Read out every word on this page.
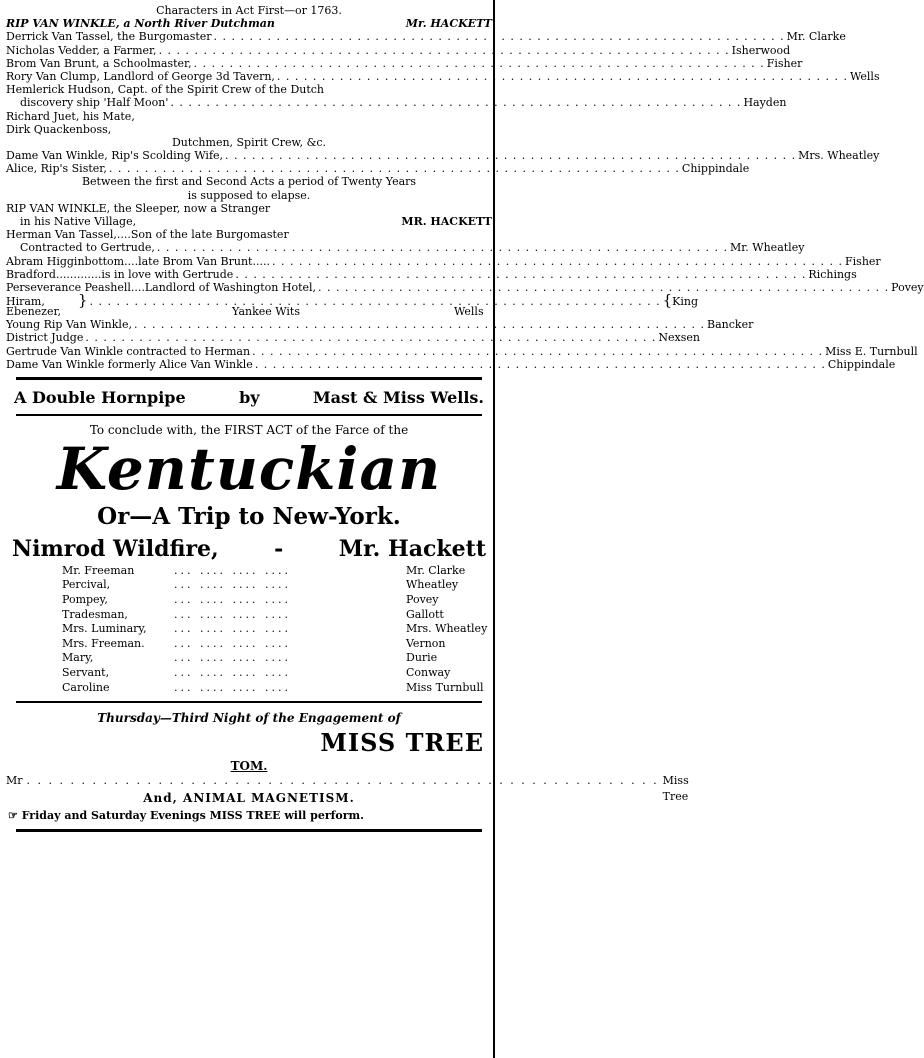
Characters in Act First—or 1763.
RIP VAN WINKLE, a North River Dutchman	Mr. HACKETT
Derrick Van Tassel, the Burgomaster . . . . . . . . . . . . . . . . . . . . . . . . . . . . . . . . . . . . . . . . . . . . . . . . . . . . . . . . . . . . . . . . Mr. Clarke
Nicholas Vedder, a Farmer, . . . . . . . . . . . . . . . . . . . . . . . . . . . . . . . . . . . . . . . . . . . . . . . . . . . . . . . . . . . . . . . . Isherwood
Brom Van Brunt, a Schoolmaster, . . . . . . . . . . . . . . . . . . . . . . . . . . . . . . . . . . . . . . . . . . . . . . . . . . . . . . . . . . . . . . . . Fisher
Rory Van Clump, Landlord of George 3d Tavern, . . . . . . . . . . . . . . . . . . . . . . . . . . . . . . . . . . . . . . . . . . . . . . . . . . . . . . . . . . . . . . . . Wells
Hemlerick Hudson, Capt. of the Spirit Crew of the Dutch
discovery ship 'Half Moon' . . . . . . . . . . . . . . . . . . . . . . . . . . . . . . . . . . . . . . . . . . . . . . . . . . . . . . . . . . . . . . . . Hayden
Richard Juet, his Mate,
Dirk Quackenboss,
Dutchmen, Spirit Crew, &c.
Dame Van Winkle, Rip's Scolding Wife, . . . . . . . . . . . . . . . . . . . . . . . . . . . . . . . . . . . . . . . . . . . . . . . . . . . . . . . . . . . . . . . . Mrs. Wheatley
Alice, Rip's Sister, . . . . . . . . . . . . . . . . . . . . . . . . . . . . . . . . . . . . . . . . . . . . . . . . . . . . . . . . . . . . . . . . Chippindale
Between the first and Second Acts a period of Twenty Years
is supposed to elapse.
RIP VAN WINKLE, the Sleeper, now a Stranger
in his Native Village,	MR. HACKETT
Herman Van Tassel,....Son of the late Burgomaster
Contracted to Gertrude, . . . . . . . . . . . . . . . . . . . . . . . . . . . . . . . . . . . . . . . . . . . . . . . . . . . . . . . . . . . . . . . . Mr. Wheatley
Abram Higginbottom....late Brom Van Brunt..... . . . . . . . . . . . . . . . . . . . . . . . . . . . . . . . . . . . . . . . . . . . . . . . . . . . . . . . . . . . . . . . . Fisher
Bradford.............is in love with Gertrude . . . . . . . . . . . . . . . . . . . . . . . . . . . . . . . . . . . . . . . . . . . . . . . . . . . . . . . . . . . . . . . . Richings
Perseverance Peashell....Landlord of Washington Hotel, . . . . . . . . . . . . . . . . . . . . . . . . . . . . . . . . . . . . . . . . . . . . . . . . . . . . . . . . . . . . . . . . Povey
Hiram,	} . . . . . . . . . . . . . . . . . . . . . . . . . . . . . . . . . . . . . . . . . . . . . . . . . . . . . . . . . . . . . . . . { King
Ebenezer,	Yankee Wits	Wells
Young Rip Van Winkle, . . . . . . . . . . . . . . . . . . . . . . . . . . . . . . . . . . . . . . . . . . . . . . . . . . . . . . . . . . . . . . . . Bancker
District Judge . . . . . . . . . . . . . . . . . . . . . . . . . . . . . . . . . . . . . . . . . . . . . . . . . . . . . . . . . . . . . . . . Nexsen
Gertrude Van Winkle contracted to Herman . . . . . . . . . . . . . . . . . . . . . . . . . . . . . . . . . . . . . . . . . . . . . . . . . . . . . . . . . . . . . . . . Miss E. Turnbull
Dame Van Winkle formerly Alice Van Winkle . . . . . . . . . . . . . . . . . . . . . . . . . . . . . . . . . . . . . . . . . . . . . . . . . . . . . . . . . . . . . . . . Chippindale
A Double Hornpipe	by	Mast & Miss Wells.
To conclude with, the FIRST ACT of the Farce of the
Kentuckian
Or—A Trip to New-York.
Nimrod Wildfire,	-	Mr. Hackett
Mr. Freeman	... .... .... ....	Mr. Clarke
Percival,	... .... .... ....	Wheatley
Pompey,	... .... .... ....	Povey
Tradesman,	... .... .... ....	Gallott
Mrs. Luminary,	... .... .... ....	Mrs. Wheatley
Mrs. Freeman.	... .... .... ....	Vernon
Mary,	... .... .... ....	Durie
Servant,	... .... .... ....	Conway
Caroline	... .... .... ....	Miss Turnbull
Thursday—Third Night of the Engagement of
MISS TREE
TOM.
Mr . . . . . . . . . . . . . . . . . . . . . . . . . . . . . . . . . . . . . . . . . . . . . . . . . . . . . . . . . . Miss Tree
And, ANIMAL MAGNETISM.
☞ Friday and Saturday Evenings MISS TREE will perform.
